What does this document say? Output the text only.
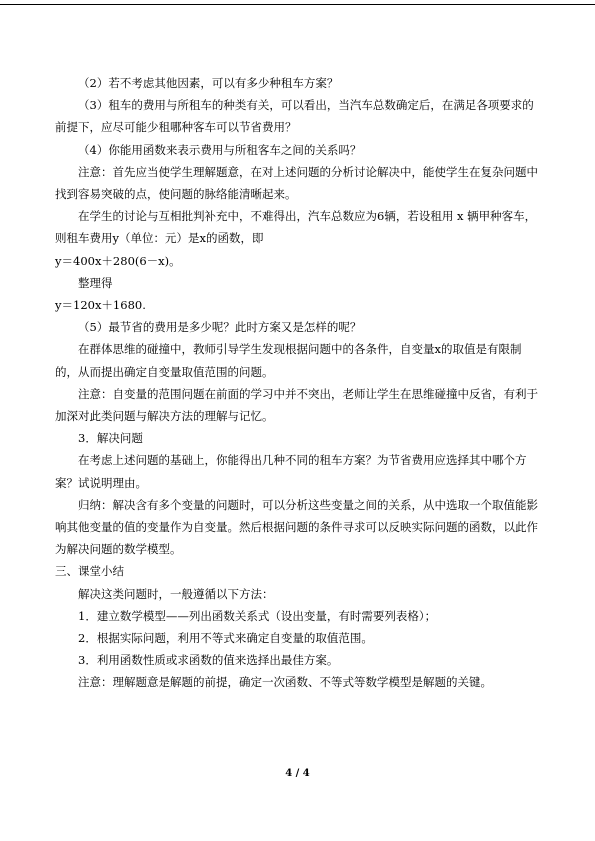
（2）若不考虑其他因素，可以有多少种租车方案？

（3）租车的费用与所租车的种类有关，可以看出，当汽车总数确定后，在满足各项要求的前提下，应尽可能少租哪种客车可以节省费用？

（4）你能用函数来表示费用与所租客车之间的关系吗？

注意：首先应当使学生理解题意，在对上述问题的分析讨论解决中，能使学生在复杂问题中找到容易突破的点，使问题的脉络能清晰起来。

在学生的讨论与互相批判补充中，不难得出，汽车总数应为6辆，若设租用 x 辆甲种客车，则租车费用y（单位：元）是x的函数，即

y＝400x＋280(6－x)。

整理得

y＝120x＋1680.

（5）最节省的费用是多少呢？此时方案又是怎样的呢？

在群体思维的碰撞中，教师引导学生发现根据问题中的各条件，自变量x的取值是有限制的，从而提出确定自变量取值范围的问题。

注意：自变量的范围问题在前面的学习中并不突出，老师让学生在思维碰撞中反省，有利于加深对此类问题与解决方法的理解与记忆。

3．解决问题

在考虑上述问题的基础上，你能得出几种不同的租车方案？为节省费用应选择其中哪个方案？试说明理由。

归纳：解决含有多个变量的问题时，可以分析这些变量之间的关系，从中选取一个取值能影响其他变量的值的变量作为自变量。然后根据问题的条件寻求可以反映实际问题的函数，以此作为解决问题的数学模型。

三、课堂小结

解决这类问题时，一般遵循以下方法：

1．建立数学模型——列出函数关系式（设出变量，有时需要列表格）；

2．根据实际问题，利用不等式来确定自变量的取值范围。

3．利用函数性质或求函数的值来选择出最佳方案。

注意：理解题意是解题的前提，确定一次函数、不等式等数学模型是解题的关键。

4 / 4
